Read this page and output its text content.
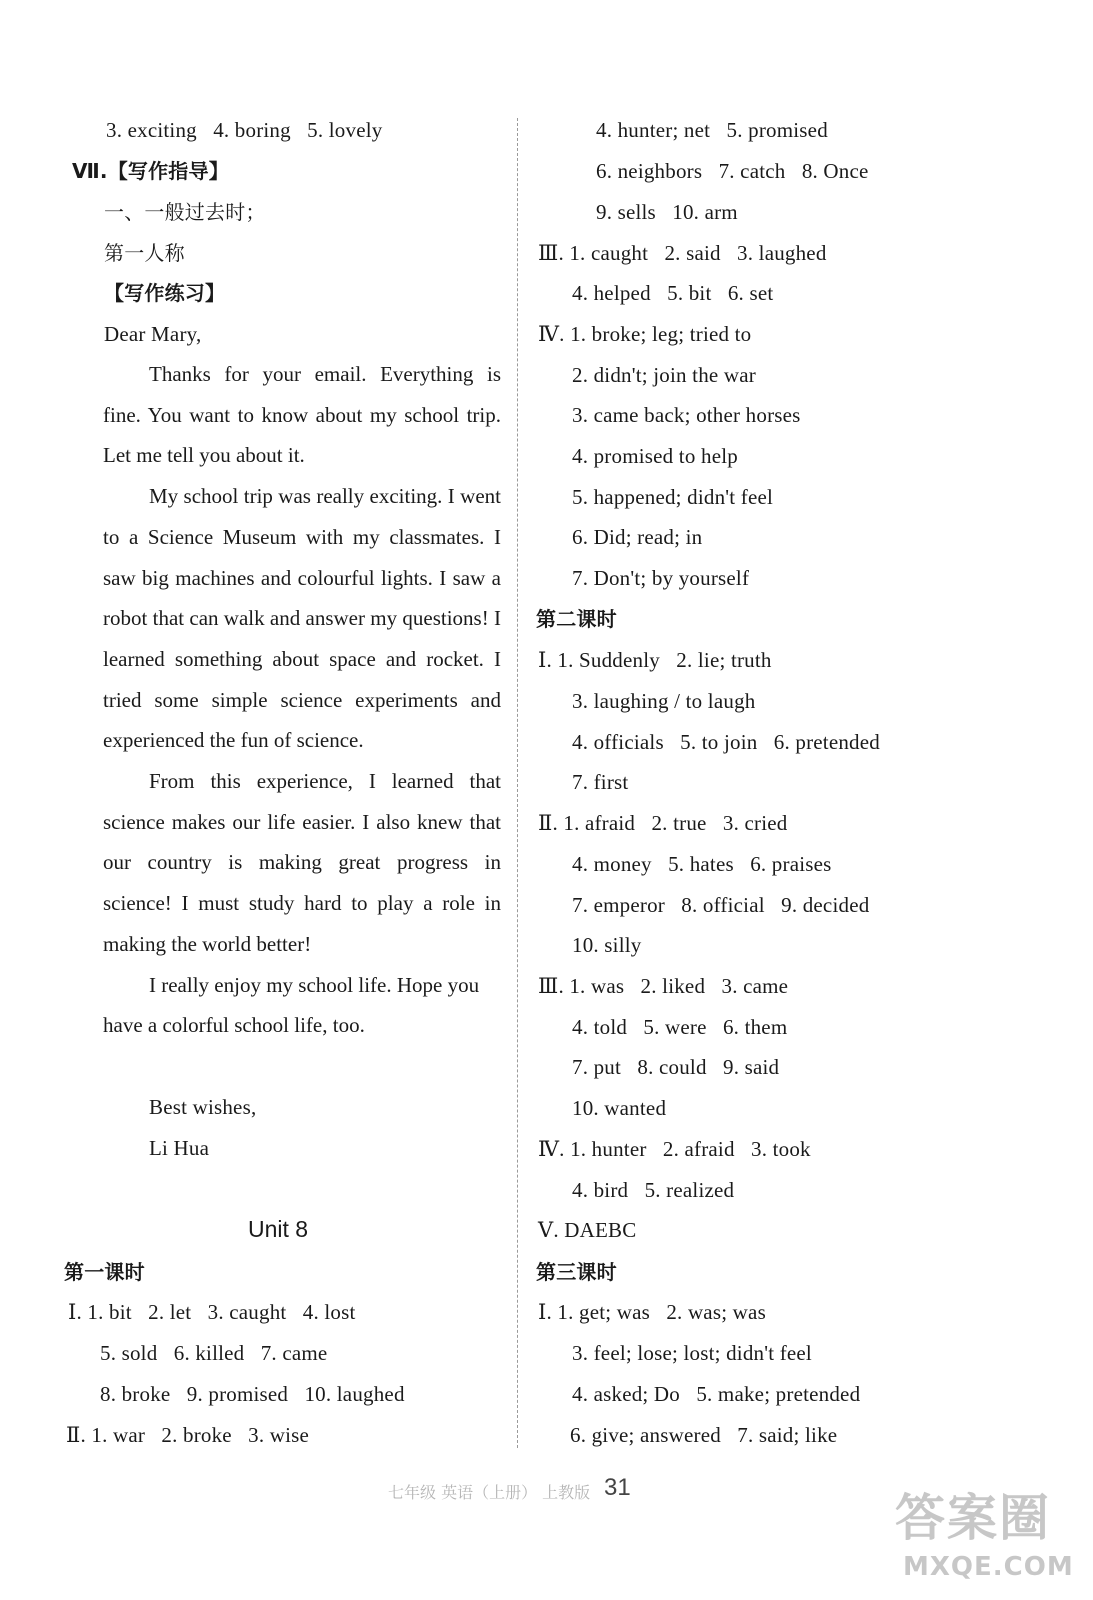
3. exciting   4. boring   5. lovely
Ⅶ.【写作指导】
一、一般过去时；
第一人称
【写作练习】
Dear Mary,

Thanks for your email. Everything is fine. You want to know about my school trip. Let me tell you about it.

My school trip was really exciting. I went to a Science Museum with my classmates. I saw big machines and colourful lights. I saw a robot that can walk and answer my questions! I learned something about space and rocket. I tried some simple science experiments and experienced the fun of science.

From this experience, I learned that science makes our life easier. I also knew that our country is making great progress in science! I must study hard to play a role in making the world better!

I really enjoy my school life. Hope you have a colorful school life, too.

Best wishes,
Li Hua
Unit 8
第一课时
Ⅰ. 1. bit   2. let   3. caught   4. lost
5. sold   6. killed   7. came
8. broke   9. promised   10. laughed
Ⅱ. 1. war   2. broke   3. wise
4. hunter; net   5. promised
6. neighbors   7. catch   8. Once
9. sells   10. arm
Ⅲ. 1. caught   2. said   3. laughed
4. helped   5. bit   6. set
Ⅳ. 1. broke; leg; tried to
2. didn't; join the war
3. came back; other horses
4. promised to help
5. happened; didn't feel
6. Did; read; in
7. Don't; by yourself
第二课时
Ⅰ. 1. Suddenly   2. lie; truth
3. laughing / to laugh
4. officials   5. to join   6. pretended
7. first
Ⅱ. 1. afraid   2. true   3. cried
4. money   5. hates   6. praises
7. emperor   8. official   9. decided
10. silly
Ⅲ. 1. was   2. liked   3. came
4. told   5. were   6. them
7. put   8. could   9. said
10. wanted
Ⅳ. 1. hunter   2. afraid   3. took
4. bird   5. realized
Ⅴ. DAEBC
第三课时
Ⅰ. 1. get; was   2. was; was
3. feel; lose; lost; didn't feel
4. asked; Do   5. make; pretended
6. give; answered   7. said; like
七年级 英语（上册） 上教版 31
答案圈
MXQE.COM
